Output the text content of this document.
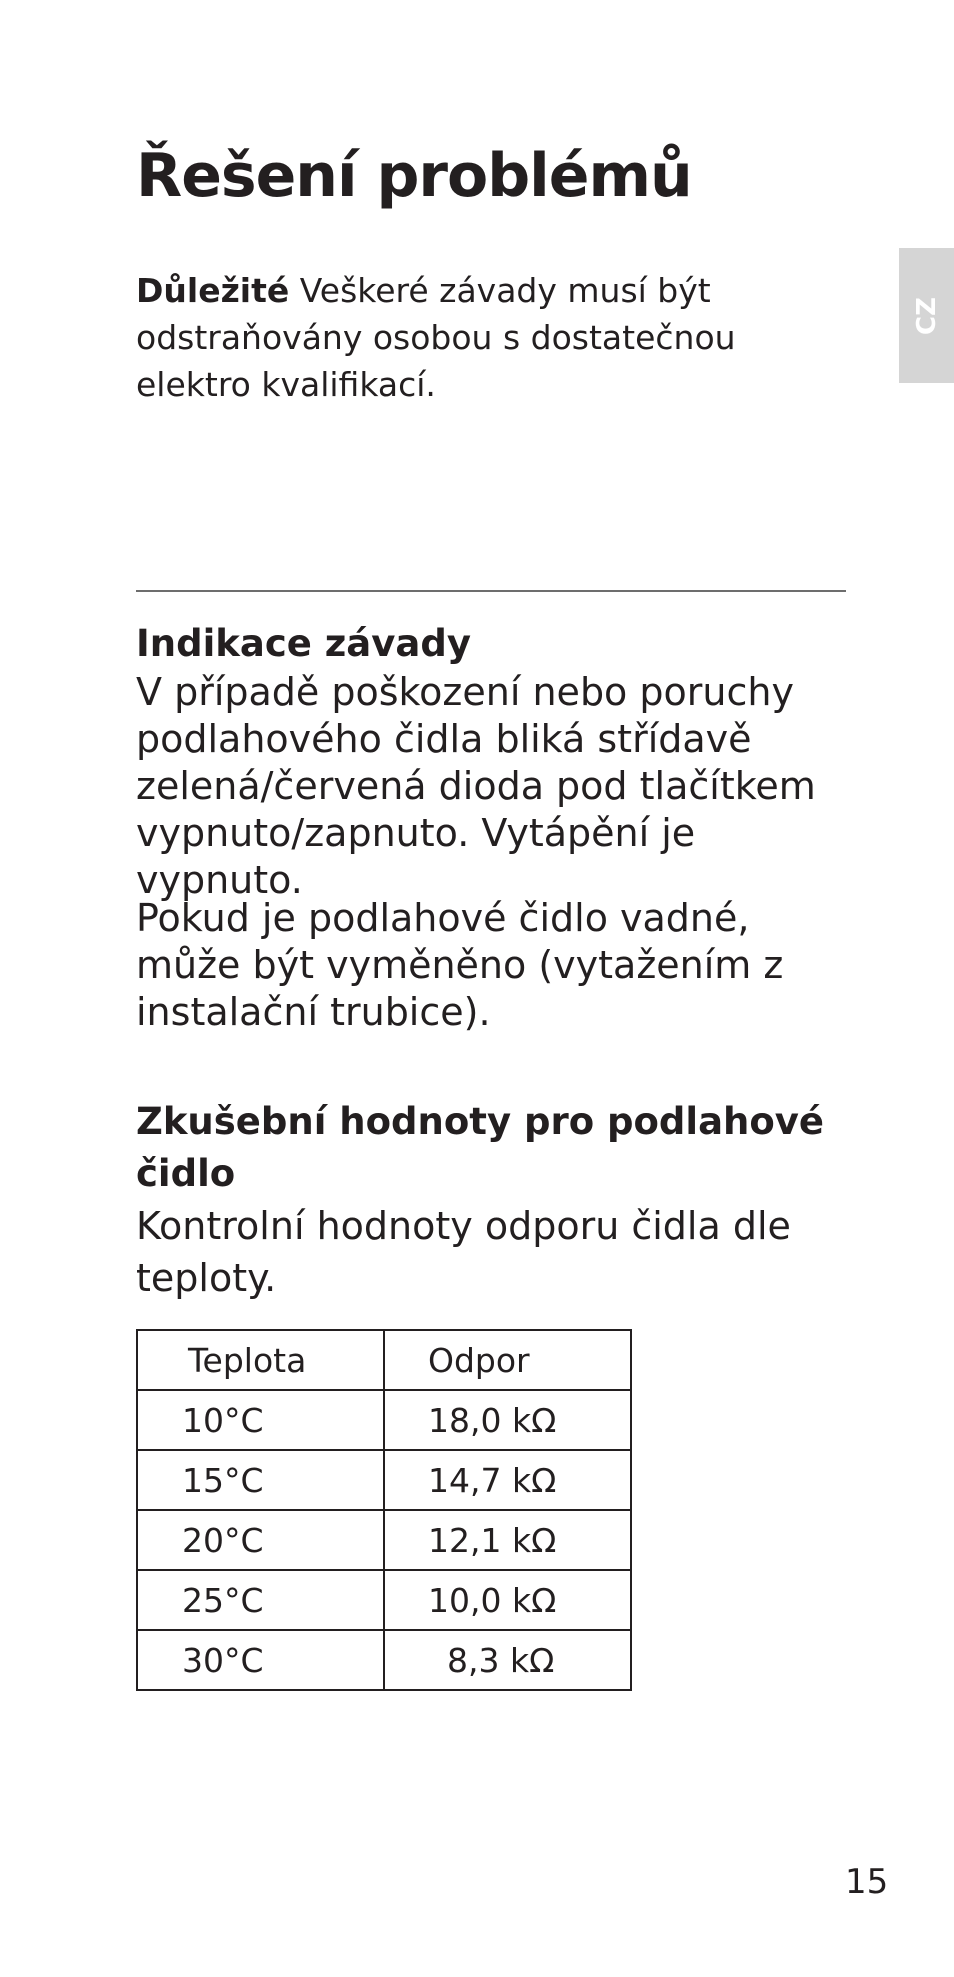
Řešení problémů
CZ

Důležité Veškeré závady musí být odstraňovány osobou s dostatečnou elektro kvalifikací.

Indikace závady

V případě poškození nebo poruchy podlahového čidla bliká střídavě zelená/červená dioda pod tlačítkem vypnuto/zapnuto. Vytápění je vypnuto.

Pokud je podlahové čidlo vadné, může být vyměněno (vytažením z instalační trubice).

Zkušební hodnoty pro podlahové čidlo

Kontrolní hodnoty odporu čidla dle teploty.

Teplota	Odpor
10°C	18,0 kΩ
15°C	14,7 kΩ
20°C	12,1 kΩ
25°C	10,0 kΩ
30°C	8,3 kΩ
15
